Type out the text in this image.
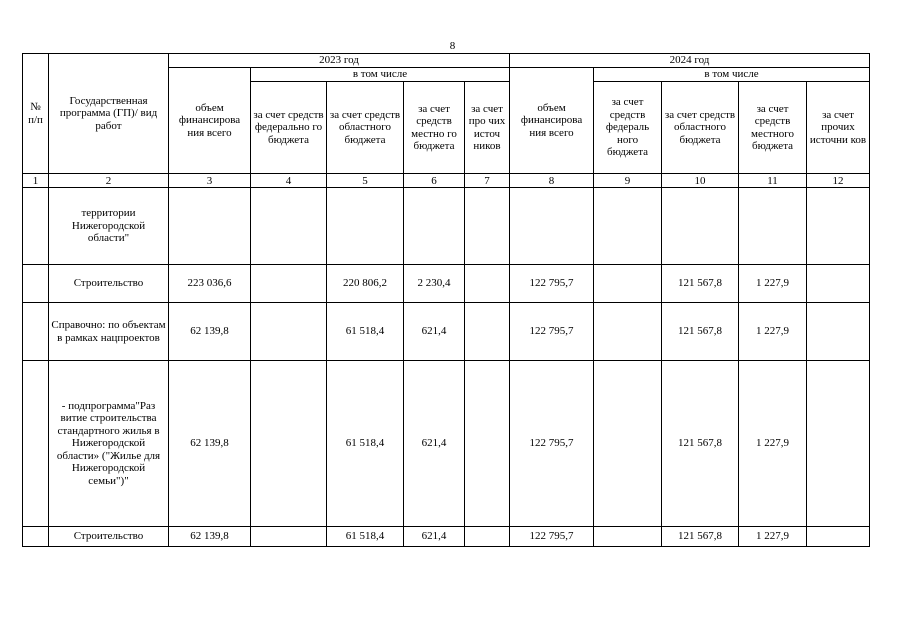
8
№ п/п	Государственная программа (ГП)/ вид работ	2023 год					2024 год				
		объем финансирова ния всего	в том числе				объем финансирова ния всего	в том числе			
			за счет средств федерально го бюджета	за счет средств областного бюджета	за счет средств местно го бюджета	за счет про чих источ ников		за счет средств федераль ного бюджета	за счет средств областного бюджета	за счет средств местного бюджета	за счет прочих источни ков
1	2	3	4	5	6	7	8	9	10	11	12
	территории Нижегородской области"										
	Строительство	223 036,6		220 806,2	2 230,4		122 795,7		121 567,8	1 227,9	
	Справочно: по объектам в рамках нацпроектов	62 139,8		61 518,4	621,4		122 795,7		121 567,8	1 227,9	
	- подпрограмма"Раз витие строительства стандартного жилья в Нижегородской области» ("Жилье для Нижегородской семьи")"	62 139,8		61 518,4	621,4		122 795,7		121 567,8	1 227,9	
	Строительство	62 139,8		61 518,4	621,4		122 795,7		121 567,8	1 227,9	
